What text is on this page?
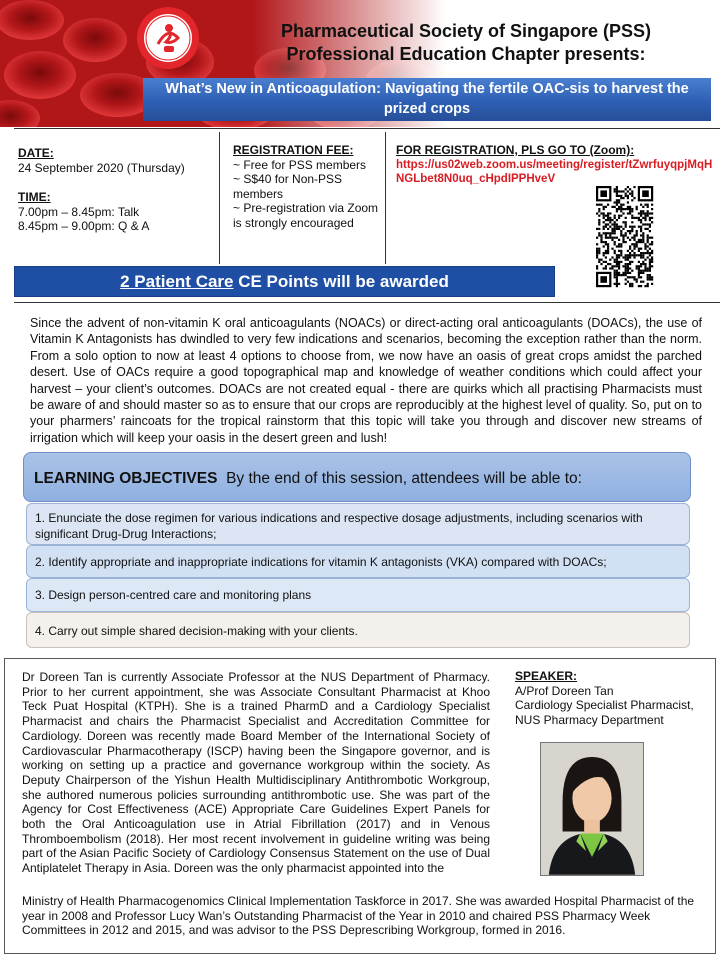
Pharmaceutical Society of Singapore (PSS)
Professional Education Chapter presents:
What’s New in Anticoagulation: Navigating the fertile OAC-sis to harvest the prized crops
DATE:
24 September 2020 (Thursday)
TIME:
7.00pm – 8.45pm: Talk
8.45pm – 9.00pm: Q & A
REGISTRATION FEE:
~ Free for PSS members
~ S$40 for Non-PSS members
~ Pre-registration via Zoom is strongly encouraged
FOR REGISTRATION, PLS GO TO (Zoom):
https://us02web.zoom.us/meeting/register/tZwrfuyqpjMqHNGLbet8N0uq_cHpdIPPHveV
2 Patient Care CE Points will be awarded
Since the advent of non-vitamin K oral anticoagulants (NOACs) or direct-acting oral anticoagulants (DOACs), the use of Vitamin K Antagonists has dwindled to very few indications and scenarios, becoming the exception rather than the norm. From a solo option to now at least 4 options to choose from, we now have an oasis of great crops amidst the parched desert. Use of OACs require a good topographical map and knowledge of weather conditions which could affect your harvest – your client’s outcomes. DOACs are not created equal - there are quirks which all practising Pharmacists must be aware of and should master so as to ensure that our crops are reproducibly at the highest level of quality. So, put on to your pharmers’ raincoats for the tropical rainstorm that this topic will take you through and discover new streams of irrigation which will keep your oasis in the desert green and lush!
LEARNING OBJECTIVES By the end of this session, attendees will be able to:
1. Enunciate the dose regimen for various indications and respective dosage adjustments, including scenarios with significant Drug-Drug Interactions;
2. Identify appropriate and inappropriate indications for vitamin K antagonists (VKA) compared with DOACs;
3. Design person-centred care and monitoring plans
4. Carry out simple shared decision-making with your clients.
Dr Doreen Tan is currently Associate Professor at the NUS Department of Pharmacy. Prior to her current appointment, she was Associate Consultant Pharmacist at Khoo Teck Puat Hospital (KTPH). She is a trained PharmD and a Cardiology Specialist Pharmacist and chairs the Pharmacist Specialist and Accreditation Committee for Cardiology. Doreen was recently made Board Member of the International Society of Cardiovascular Pharmacotherapy (ISCP) having been the Singapore governor, and is working on setting up a practice and governance workgroup within the society. As Deputy Chairperson of the Yishun Health Multidisciplinary Antithrombotic Workgroup, she authored numerous policies surrounding antithrombotic use. She was part of the Agency for Cost Effectiveness (ACE) Appropriate Care Guidelines Expert Panels for both the Oral Anticoagulation use in Atrial Fibrillation (2017) and in Venous Thromboembolism (2018). Her most recent involvement in guideline writing was being part of the Asian Pacific Society of Cardiology Consensus Statement on the use of Dual Antiplatelet Therapy in Asia. Doreen was the only pharmacist appointed into the
Ministry of Health Pharmacogenomics Clinical Implementation Taskforce in 2017. She was awarded Hospital Pharmacist of the year in 2008 and Professor Lucy Wan’s Outstanding Pharmacist of the Year in 2010 and chaired PSS Pharmacy Week Committees in 2012 and 2015, and was advisor to the PSS Deprescribing Workgroup, formed in 2016.
SPEAKER:
A/Prof Doreen Tan
Cardiology Specialist Pharmacist,
NUS Pharmacy Department
